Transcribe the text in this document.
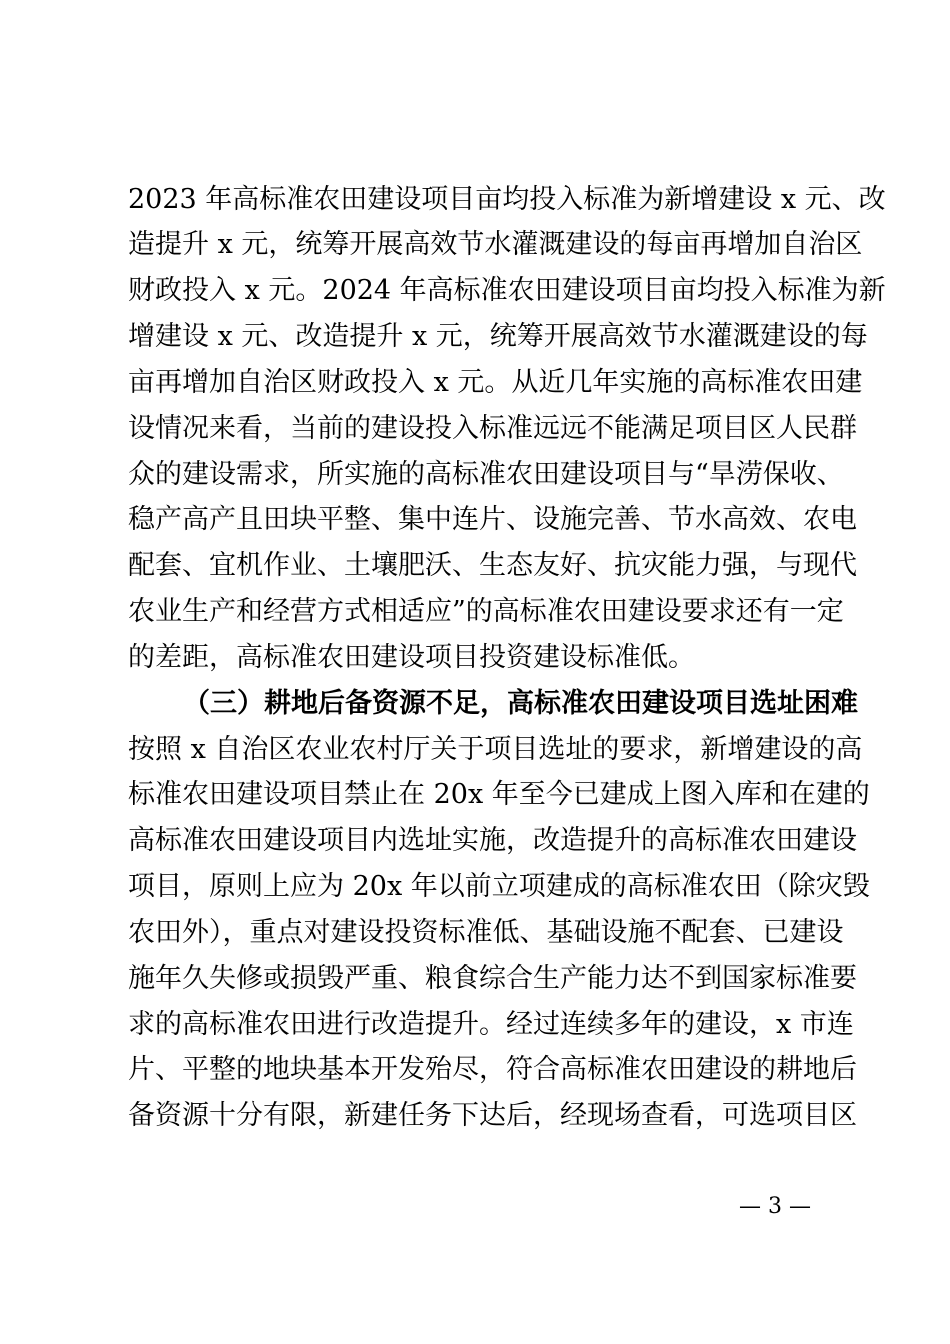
2023 年高标准农田建设项目亩均投入标准为新增建设 x 元、改
造提升 x 元，统筹开展高效节水灌溉建设的每亩再增加自治区
财政投入 x 元。2024 年高标准农田建设项目亩均投入标准为新
增建设 x 元、改造提升 x 元，统筹开展高效节水灌溉建设的每
亩再增加自治区财政投入 x 元。从近几年实施的高标准农田建
设情况来看，当前的建设投入标准远远不能满足项目区人民群
众的建设需求，所实施的高标准农田建设项目与“旱涝保收、
稳产高产且田块平整、集中连片、设施完善、节水高效、农电
配套、宜机作业、土壤肥沃、生态友好、抗灾能力强，与现代
农业生产和经营方式相适应”的高标准农田建设要求还有一定
的差距，高标准农田建设项目投资建设标准低。
（三）耕地后备资源不足，高标准农田建设项目选址困难
按照 x 自治区农业农村厅关于项目选址的要求，新增建设的高
标准农田建设项目禁止在 20x 年至今已建成上图入库和在建的
高标准农田建设项目内选址实施，改造提升的高标准农田建设
项目，原则上应为 20x 年以前立项建成的高标准农田（除灾毁
农田外），重点对建设投资标准低、基础设施不配套、已建设
施年久失修或损毁严重、粮食综合生产能力达不到国家标准要
求的高标准农田进行改造提升。经过连续多年的建设，x 市连
片、平整的地块基本开发殆尽，符合高标准农田建设的耕地后
备资源十分有限，新建任务下达后，经现场查看，可选项目区
— 3 —
